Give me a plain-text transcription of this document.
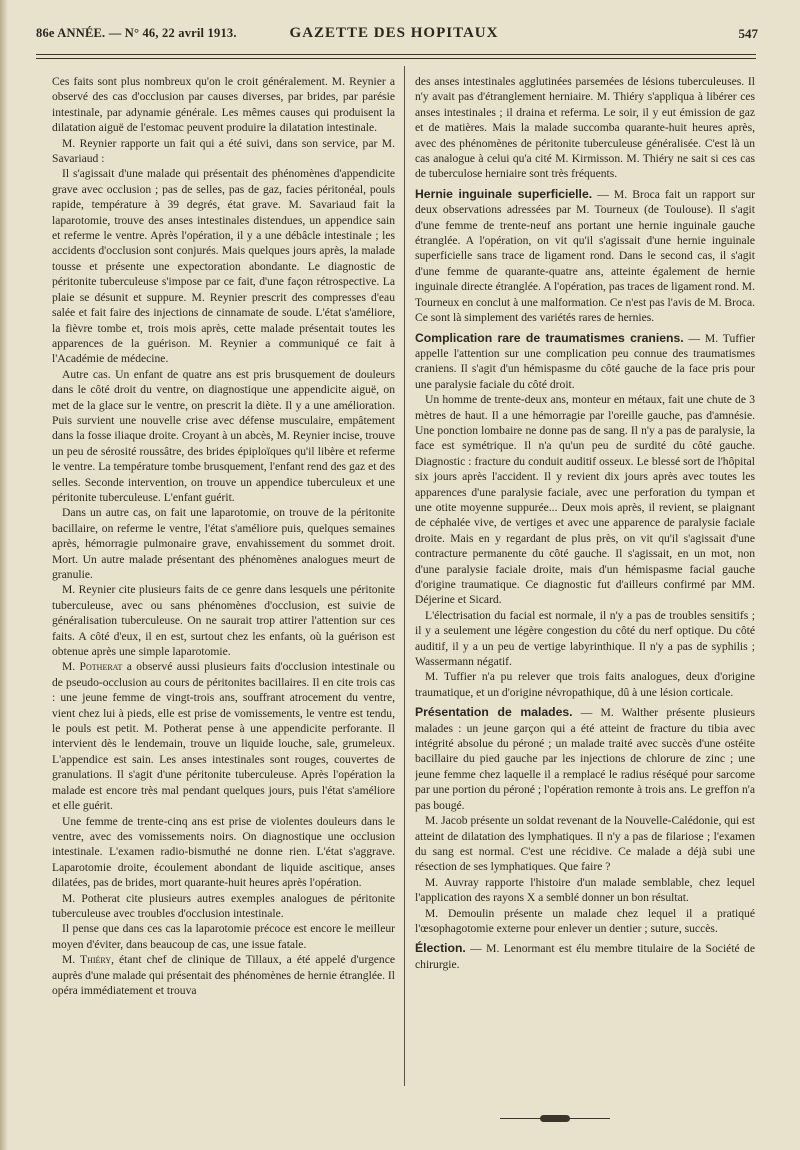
86e ANNÉE. — N° 46, 22 avril 1913.	GAZETTE DES HOPITAUX	547

Ces faits sont plus nombreux qu'on le croit généralement. M. Reynier a observé des cas d'occlusion par causes diverses, par brides, par parésie intestinale, par adynamie générale. Les mêmes causes qui produisent la dilatation aiguë de l'estomac peuvent produire la dilatation intestinale.

M. Reynier rapporte un fait qui a été suivi, dans son service, par M. Savariaud :

Il s'agissait d'une malade qui présentait des phénomènes d'appendicite grave avec occlusion ; pas de selles, pas de gaz, facies péritonéal, pouls rapide, température à 39 degrés, état grave. M. Savariaud fait la laparotomie, trouve des anses intestinales distendues, un appendice sain et referme le ventre. Après l'opération, il y a une débâcle intestinale ; les accidents d'occlusion sont conjurés. Mais quelques jours après, la malade tousse et présente une expectoration abondante. Le diagnostic de péritonite tuberculeuse s'impose par ce fait, d'une façon rétrospective. La plaie se désunit et suppure. M. Reynier prescrit des compresses d'eau salée et fait faire des injections de cinnamate de soude. L'état s'améliore, la fièvre tombe et, trois mois après, cette malade présentait toutes les apparences de la guérison. M. Reynier a communiqué ce fait à l'Académie de médecine.

Autre cas. Un enfant de quatre ans est pris brusquement de douleurs dans le côté droit du ventre, on diagnostique une appendicite aiguë, on met de la glace sur le ventre, on prescrit la diète. Il y a une amélioration. Puis survient une nouvelle crise avec défense musculaire, empâtement dans la fosse iliaque droite. Croyant à un abcès, M. Reynier incise, trouve un peu de sérosité roussâtre, des brides épiploïques qu'il libère et referme le ventre. La température tombe brusquement, l'enfant rend des gaz et des selles. Seconde intervention, on trouve un appendice tuberculeux et une péritonite tuberculeuse. L'enfant guérit.

Dans un autre cas, on fait une laparotomie, on trouve de la péritonite bacillaire, on referme le ventre, l'état s'améliore puis, quelques semaines après, hémorragie pulmonaire grave, envahissement du sommet droit. Mort. Un autre malade présentant des phénomènes analogues meurt de granulie.

M. Reynier cite plusieurs faits de ce genre dans lesquels une péritonite tuberculeuse, avec ou sans phénomènes d'occlusion, est suivie de généralisation tuberculeuse. On ne saurait trop attirer l'attention sur ces faits. A côté d'eux, il en est, surtout chez les enfants, où la guérison est obtenue après une simple laparotomie.

M. Potherat a observé aussi plusieurs faits d'occlusion intestinale ou de pseudo-occlusion au cours de péritonites bacillaires. Il en cite trois cas : une jeune femme de vingt-trois ans, souffrant atrocement du ventre, vient chez lui à pieds, elle est prise de vomissements, le ventre est tendu, le pouls est petit. M. Potherat pense à une appendicite perforante. Il intervient dès le lendemain, trouve un liquide louche, sale, grumeleux. L'appendice est sain. Les anses intestinales sont rouges, couvertes de granulations. Il s'agit d'une péritonite tuberculeuse. Après l'opération la malade est encore très mal pendant quelques jours, puis l'état s'améliore et elle guérit.

Une femme de trente-cinq ans est prise de violentes douleurs dans le ventre, avec des vomissements noirs. On diagnostique une occlusion intestinale. L'examen radio-bismuthé ne donne rien. L'état s'aggrave. Laparotomie droite, écoulement abondant de liquide ascitique, anses dilatées, pas de brides, mort quarante-huit heures après l'opération.

M. Potherat cite plusieurs autres exemples analogues de péritonite tuberculeuse avec troubles d'occlusion intestinale.

Il pense que dans ces cas la laparotomie précoce est encore le meilleur moyen d'éviter, dans beaucoup de cas, une issue fatale.

M. Thiéry, étant chef de clinique de Tillaux, a été appelé d'urgence auprès d'une malade qui présentait des phénomènes de hernie étranglée. Il opéra immédiatement et trouva

des anses intestinales agglutinées parsemées de lésions tuberculeuses. Il n'y avait pas d'étranglement herniaire. M. Thiéry s'appliqua à libérer ces anses intestinales ; il draina et referma. Le soir, il y eut émission de gaz et de matières. Mais la malade succomba quarante-huit heures après, avec des phénomènes de péritonite tuberculeuse généralisée. C'est là un cas analogue à celui qu'a cité M. Kirmisson. M. Thiéry ne sait si ces cas de tuberculose herniaire sont très fréquents.

Hernie inguinale superficielle. — M. Broca fait un rapport sur deux observations adressées par M. Tourneux (de Toulouse). Il s'agit d'une femme de trente-neuf ans portant une hernie inguinale gauche étranglée. A l'opération, on vit qu'il s'agissait d'une hernie inguinale superficielle sans trace de ligament rond. Dans le second cas, il s'agit d'une femme de quarante-quatre ans, atteinte également de hernie inguinale directe étranglée. A l'opération, pas traces de ligament rond. M. Tourneux en conclut à une malformation. Ce n'est pas l'avis de M. Broca. Ce sont là simplement des variétés rares de hernies.

Complication rare de traumatismes craniens. — M. Tuffier appelle l'attention sur une complication peu connue des traumatismes craniens. Il s'agit d'un hémispasme du côté gauche de la face pris pour une paralysie faciale du côté droit.

Un homme de trente-deux ans, monteur en métaux, fait une chute de 3 mètres de haut. Il a une hémorragie par l'oreille gauche, pas d'amnésie. Une ponction lombaire ne donne pas de sang. Il n'y a pas de paralysie, la face est symétrique. Il n'a qu'un peu de surdité du côté gauche. Diagnostic : fracture du conduit auditif osseux. Le blessé sort de l'hôpital six jours après l'accident. Il y revient dix jours après avec toutes les apparences d'une paralysie faciale, avec une perforation du tympan et une otite moyenne suppurée... Deux mois après, il revient, se plaignant de céphalée vive, de vertiges et avec une apparence de paralysie faciale droite. Mais en y regardant de plus près, on vit qu'il s'agissait d'une contracture permanente du côté gauche. Il s'agissait, en un mot, non d'une paralysie faciale droite, mais d'un hémispasme facial gauche d'origine traumatique. Ce diagnostic fut d'ailleurs confirmé par MM. Déjerine et Sicard.

L'électrisation du facial est normale, il n'y a pas de troubles sensitifs ; il y a seulement une légère congestion du côté du nerf optique. Du côté auditif, il y a un peu de vertige labyrinthique. Il n'y a pas de syphilis ; Wassermann négatif.

M. Tuffier n'a pu relever que trois faits analogues, deux d'origine traumatique, et un d'origine névropathique, dû à une lésion corticale.

Présentation de malades. — M. Walther présente plusieurs malades : un jeune garçon qui a été atteint de fracture du tibia avec intégrité absolue du péroné ; un malade traité avec succès d'une ostéite bacillaire du pied gauche par les injections de chlorure de zinc ; une jeune femme chez laquelle il a remplacé le radius réséqué pour sarcome par une portion du péroné ; l'opération remonte à trois ans. Le greffon n'a pas bougé.

M. Jacob présente un soldat revenant de la Nouvelle-Calédonie, qui est atteint de dilatation des lymphatiques. Il n'y a pas de filariose ; l'examen du sang est normal. C'est une récidive. Ce malade a déjà subi une résection de ses lymphatiques. Que faire ?

M. Auvray rapporte l'histoire d'un malade semblable, chez lequel l'application des rayons X a semblé donner un bon résultat.

M. Demoulin présente un malade chez lequel il a pratiqué l'œsophagotomie externe pour enlever un dentier ; suture, succès.

Élection. — M. Lenormant est élu membre titulaire de la Société de chirurgie.
